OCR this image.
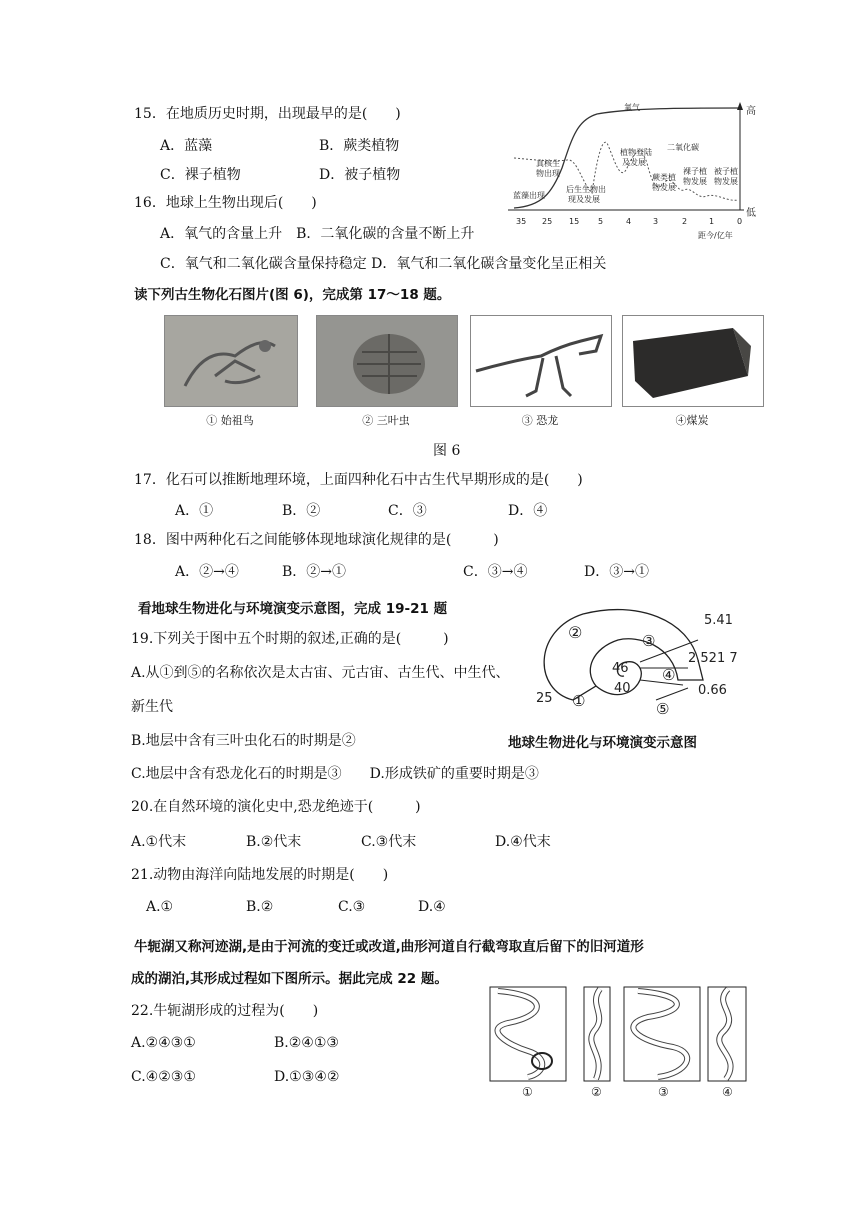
15．在地质历史时期，出现最早的是(　　)
A．蓝藻	B．蕨类植物
C．裸子植物	D．被子植物
16．地球上生物出现后(　　)
A．氧气的含量上升　B．二氧化碳的含量不断上升
C．氧气和二氧化碳含量保持稳定 D．氧气和二氧化碳含量变化呈正相关
氧气	高
低
二氧化碳
蓝藻出现
真核生
物出现
后生生物出
现及发展
植物登陆
及发展
蕨类植
物发展
裸子植
物发展
被子植
物发展
35 25 15 5	4	3	2	1	0
距今/亿年
读下列古生物化石图片(图 6)，完成第 17～18 题。
① 始祖鸟	② 三叶虫	③ 恐龙	④煤炭
图 6
17．化石可以推断地理环境，上面四种化石中古生代早期形成的是(　　)
A．①	B．②	C．③	D．④
18．图中两种化石之间能够体现地球演化规律的是(　　　)
A．②→④	B．②→①	C．③→④	D．③→①
看地球生物进化与环境演变示意图，完成 19-21 题
②	③
④
①	⑤
5.41
2.521 7
0.66
46
40
25
19.下列关于图中五个时期的叙述,正确的是(　　　)
A.从①到⑤的名称依次是太古宙、元古宙、古生代、中生代、
新生代
B.地层中含有三叶虫化石的时期是②	地球生物进化与环境演变示意图
C.地层中含有恐龙化石的时期是③　　D.形成铁矿的重要时期是③
20.在自然环境的演化史中,恐龙绝迹于(　　　)
A.①代末	B.②代末	C.③代末	D.④代末
21.动物由海洋向陆地发展的时期是(　　)
A.①	B.②	C.③	D.④
牛轭湖又称河迹湖,是由于河流的变迁或改道,曲形河道自行截弯取直后留下的旧河道形
成的湖泊,其形成过程如下图所示。据此完成 22 题。
22.牛轭湖形成的过程为(　　)
A.②④③①	B.②④①③
C.④②③①	D.①③④②
①	②	③	④
